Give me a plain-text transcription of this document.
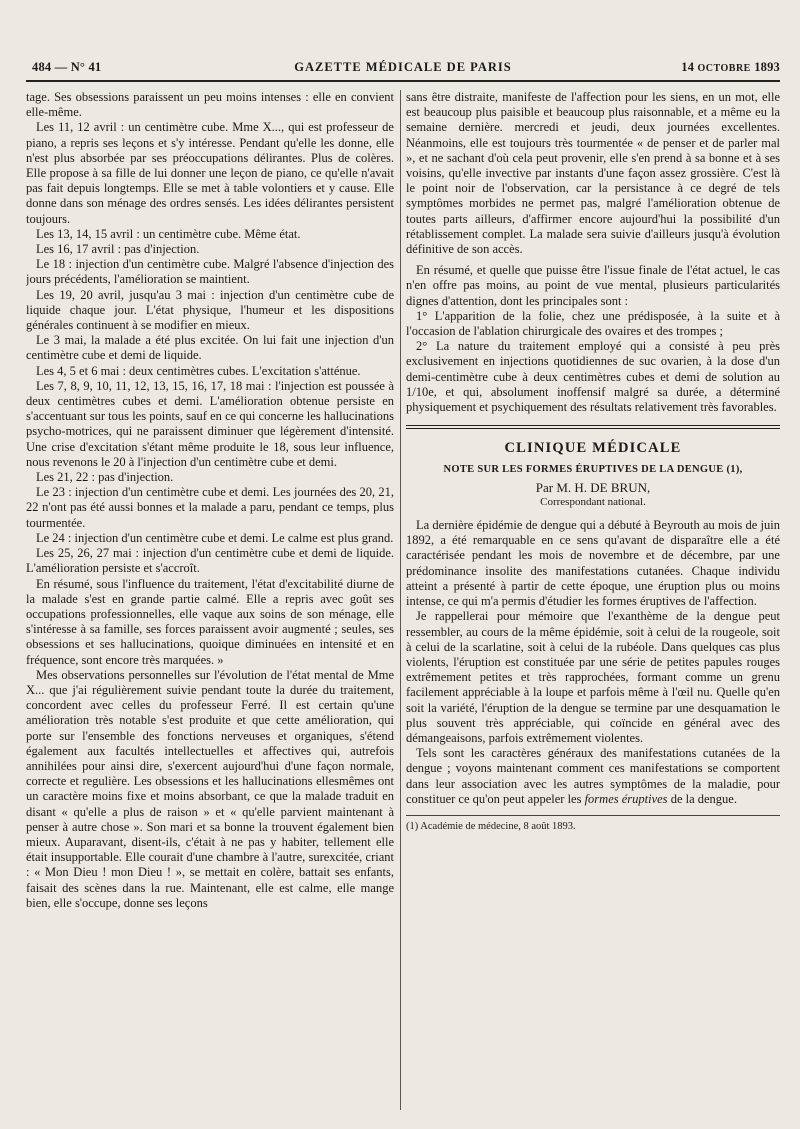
484 — N° 41	GAZETTE MÉDICALE DE PARIS	14 OCTOBRE 1893

tage. Ses obsessions paraissent un peu moins intenses : elle en convient elle-même.

Les 11, 12 avril : un centimètre cube. Mme X..., qui est professeur de piano, a repris ses leçons et s'y intéresse. Pendant qu'elle les donne, elle n'est plus absorbée par ses préoccupations délirantes. Plus de colères. Elle propose à sa fille de lui donner une leçon de piano, ce qu'elle n'avait pas fait depuis longtemps. Elle se met à table volontiers et y cause. Elle donne dans son ménage des ordres sensés. Les idées délirantes persistent toujours.

Les 13, 14, 15 avril : un centimètre cube. Même état.

Les 16, 17 avril : pas d'injection.

Le 18 : injection d'un centimètre cube. Malgré l'absence d'injection des jours précédents, l'amélioration se maintient.

Les 19, 20 avril, jusqu'au 3 mai : injection d'un centimètre cube de liquide chaque jour. L'état physique, l'humeur et les dispositions générales continuent à se modifier en mieux.

Le 3 mai, la malade a été plus excitée. On lui fait une injection d'un centimètre cube et demi de liquide.

Les 4, 5 et 6 mai : deux centimètres cubes. L'excitation s'atténue.

Les 7, 8, 9, 10, 11, 12, 13, 15, 16, 17, 18 mai : l'injection est poussée à deux centimètres cubes et demi. L'amélioration obtenue persiste en s'accentuant sur tous les points, sauf en ce qui concerne les hallucinations psycho-motrices, qui ne paraissent diminuer que légèrement d'intensité. Une crise d'excitation s'étant même produite le 18, sous leur influence, nous revenons le 20 à l'injection d'un centimètre cube et demi.

Les 21, 22 : pas d'injection.

Le 23 : injection d'un centimètre cube et demi. Les journées des 20, 21, 22 n'ont pas été aussi bonnes et la malade a paru, pendant ce temps, plus tourmentée.

Le 24 : injection d'un centimètre cube et demi. Le calme est plus grand.

Les 25, 26, 27 mai : injection d'un centimètre cube et demi de liquide. L'amélioration persiste et s'accroît.

En résumé, sous l'influence du traitement, l'état d'excitabilité diurne de la malade s'est en grande partie calmé. Elle a repris avec goût ses occupations professionnelles, elle vaque aux soins de son ménage, elle s'intéresse à sa famille, ses forces paraissent avoir augmenté ; seules, ses obsessions et ses hallucinations, quoique diminuées en intensité et en fréquence, sont encore très marquées. »

Mes observations personnelles sur l'évolution de l'état mental de Mme X... que j'ai régulièrement suivie pendant toute la durée du traitement, concordent avec celles du professeur Ferré. Il est certain qu'une amélioration très notable s'est produite et que cette amélioration, qui porte sur l'ensemble des fonctions nerveuses et organiques, s'étend également aux facultés intellectuelles et affectives qui, autrefois annihilées pour ainsi dire, s'exercent aujourd'hui d'une façon normale, correcte et regulière. Les obsessions et les hallucinations ellesmêmes ont un caractère moins fixe et moins absorbant, ce que la malade traduit en disant « qu'elle a plus de raison » et « qu'elle parvient maintenant à penser à autre chose ». Son mari et sa bonne la trouvent également bien mieux. Auparavant, disent-ils, c'était à ne pas y habiter, tellement elle était insupportable. Elle courait d'une chambre à l'autre, surexcitée, criant : « Mon Dieu ! mon Dieu ! », se mettait en colère, battait ses enfants, faisait des scènes dans la rue. Maintenant, elle est calme, elle mange bien, elle s'occupe, donne ses leçons

sans être distraite, manifeste de l'affection pour les siens, en un mot, elle est beaucoup plus paisible et beaucoup plus raisonnable, et a même eu la semaine dernière. mercredi et jeudi, deux journées excellentes. Néanmoins, elle est toujours très tourmentée « de penser et de parler mal », et ne sachant d'où cela peut provenir, elle s'en prend à sa bonne et à ses voisins, qu'elle invective par instants d'une façon assez grossière. C'est là le point noir de l'observation, car la persistance à ce degré de tels symptômes morbides ne permet pas, malgré l'amélioration obtenue de toutes parts ailleurs, d'affirmer encore aujourd'hui la possibilité d'un rétablissement complet. La malade sera suivie d'ailleurs jusqu'à évolution définitive de son accès.

En résumé, et quelle que puisse être l'issue finale de l'état actuel, le cas n'en offre pas moins, au point de vue mental, plusieurs particularités dignes d'attention, dont les principales sont :

1° L'apparition de la folie, chez une prédisposée, à la suite et à l'occasion de l'ablation chirurgicale des ovaires et des trompes ;

2° La nature du traitement employé qui a consisté à peu près exclusivement en injections quotidiennes de suc ovarien, à la dose d'un demi-centimètre cube à deux centimètres cubes et demi de solution au 1/10e, et qui, absolument inoffensif malgré sa durée, a déterminé physiquement et psychiquement des résultats relativement très favorables.

CLINIQUE MÉDICALE
NOTE SUR LES FORMES ÉRUPTIVES DE LA DENGUE (1),
Par M. H. DE BRUN,
Correspondant national.

La dernière épidémie de dengue qui a débuté à Beyrouth au mois de juin 1892, a été remarquable en ce sens qu'avant de disparaître elle a été caractérisée pendant les mois de novembre et de décembre, par une prédominance insolite des manifestations cutanées. Chaque individu atteint a présenté à partir de cette époque, une éruption plus ou moins intense, ce qui m'a permis d'étudier les formes éruptives de l'affection.

Je rappellerai pour mémoire que l'exanthème de la dengue peut ressembler, au cours de la même épidémie, soit à celui de la rougeole, soit à celui de la scarlatine, soit à celui de la rubéole. Dans quelques cas plus violents, l'éruption est constituée par une série de petites papules rouges extrêmement petites et très rapprochées, formant comme un grenu facilement appréciable à la loupe et parfois même à l'œil nu. Quelle qu'en soit la variété, l'éruption de la dengue se termine par une desquamation le plus souvent très appréciable, qui coïncide en général avec des démangeaisons, parfois extrêmement violentes.

Tels sont les caractères généraux des manifestations cutanées de la dengue ; voyons maintenant comment ces manifestations se comportent dans leur association avec les autres symptômes de la maladie, pour constituer ce qu'on peut appeler les formes éruptives de la dengue.

(1) Académie de médecine, 8 août 1893.
